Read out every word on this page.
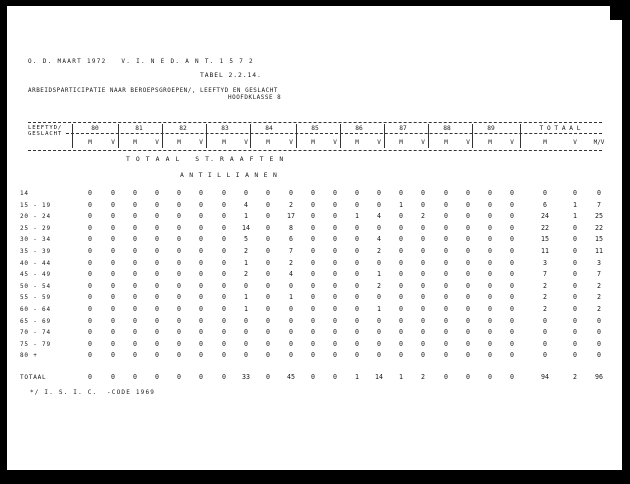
O. D. MAART 1972   V. I. N E D. A N T. 1 5 7 2
TABEL 2.2.14.
ARBEIDSPARTICIPATIE NAAR BEROEPSGROEPEN/, LEEFTYD EN GESLACHT
HOOFDKLASSE 8
LEEFTYD/ GESLACHT
80	81	82	83	84	85	86	87	88	89	T O T A A L
M	V	M	V	M	V	M	V	M	V	M	V	M	V	M	V	M	V	M	V	M	V	M/V
T O T A A L   S T. R A A F T E N
A N T I L L I A N E N
14	0	0	0	0	0	0	0	0	0	0	0	0	0	0	0	0	0	0	0	0	0	0	0
15 - 19	0	0	0	0	0	0	0	4	0	2	0	0	0	0	1	0	0	0	0	0	6	1	7
20 - 24	0	0	0	0	0	0	0	1	0	17	0	0	1	4	0	2	0	0	0	0	24	1	25
25 - 29	0	0	0	0	0	0	0	14	0	8	0	0	0	0	0	0	0	0	0	0	22	0	22
30 - 34	0	0	0	0	0	0	0	5	0	6	0	0	0	4	0	0	0	0	0	0	15	0	15
35 - 39	0	0	0	0	0	0	0	2	0	7	0	0	0	2	0	0	0	0	0	0	11	0	11
40 - 44	0	0	0	0	0	0	0	1	0	2	0	0	0	0	0	0	0	0	0	0	3	0	3
45 - 49	0	0	0	0	0	0	0	2	0	4	0	0	0	1	0	0	0	0	0	0	7	0	7
50 - 54	0	0	0	0	0	0	0	0	0	0	0	0	0	2	0	0	0	0	0	0	2	0	2
55 - 59	0	0	0	0	0	0	0	1	0	1	0	0	0	0	0	0	0	0	0	0	2	0	2
60 - 64	0	0	0	0	0	0	0	1	0	0	0	0	0	1	0	0	0	0	0	0	2	0	2
65 - 69	0	0	0	0	0	0	0	0	0	0	0	0	0	0	0	0	0	0	0	0	0	0	0
70 - 74	0	0	0	0	0	0	0	0	0	0	0	0	0	0	0	0	0	0	0	0	0	0	0
75 - 79	0	0	0	0	0	0	0	0	0	0	0	0	0	0	0	0	0	0	0	0	0	0	0
80 +	0	0	0	0	0	0	0	0	0	0	0	0	0	0	0	0	0	0	0	0	0	0	0
TOTAAL	0	0	0	0	0	0	0	33	0	45	0	0	1	14	1	2	0	0	0	0	94	2	96
*/ I. S. I. C.  -CODE 1969
